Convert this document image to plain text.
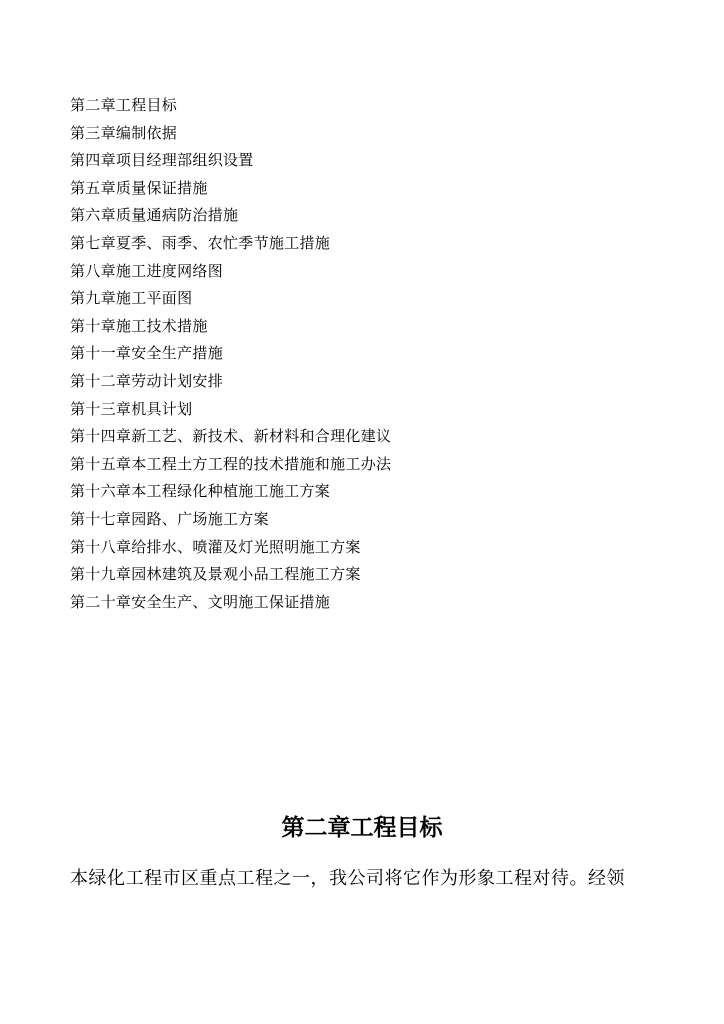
第二章工程目标
第三章编制依据
第四章项目经理部组织设置
第五章质量保证措施
第六章质量通病防治措施
第七章夏季、雨季、农忙季节施工措施
第八章施工进度网络图
第九章施工平面图
第十章施工技术措施
第十一章安全生产措施
第十二章劳动计划安排
第十三章机具计划
第十四章新工艺、新技术、新材料和合理化建议
第十五章本工程土方工程的技术措施和施工办法
第十六章本工程绿化种植施工施工方案
第十七章园路、广场施工方案
第十八章给排水、喷灌及灯光照明施工方案
第十九章园林建筑及景观小品工程施工方案
第二十章安全生产、文明施工保证措施
第二章工程目标

本绿化工程市区重点工程之一，我公司将它作为形象工程对待。经领
